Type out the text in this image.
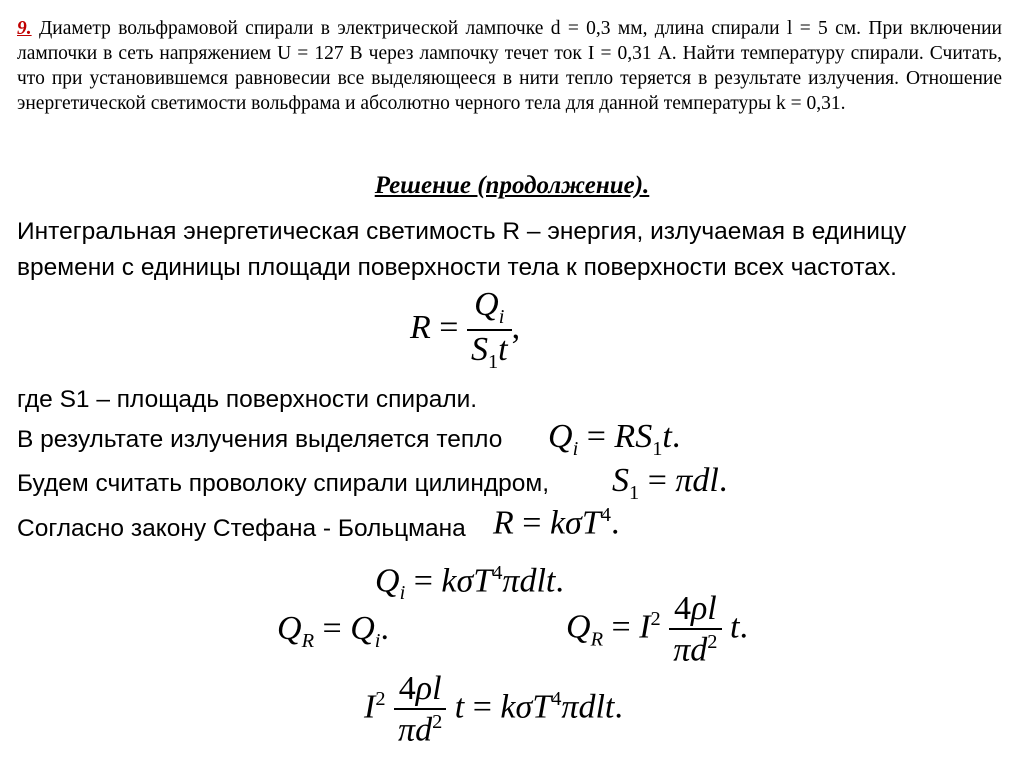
9. Диаметр вольфрамовой спирали в электрической лампочке d = 0,3 мм, длина спирали l = 5 см. При включении лампочки в сеть напряжением U = 127 В через лампочку течет ток I = 0,31 А. Найти температуру спирали. Считать, что при установившемся равновесии все выделяющееся в нити тепло теряется в результате излучения. Отношение энергетической светимости вольфрама и абсолютно черного тела для данной температуры k = 0,31.
Решение (продолжение).
Интегральная энергетическая светимость R – энергия, излучаемая в единицу
времени с единицы площади поверхности тела к поверхности всех частотах.
$R = \frac{Q_i}{S_1t}$ ,
где S1 – площадь поверхности спирали.
В результате излучения выделяется тепло $Q_i = RS_1t$.
Будем считать проволоку спирали цилиндром, $S_1 = \pi dl$.
Согласно закону Стефана - Больцмана R = kσT$^4$.
$Q_i = k\sigma T^4\pi dlt$.
$Q_R = Q_i$.	$Q_R = I^2 \frac{4\rho l}{\pi d^2} t$.
$I^2 \frac{4\rho l}{\pi d^2}$ t = kσT$^4$πdlt.
